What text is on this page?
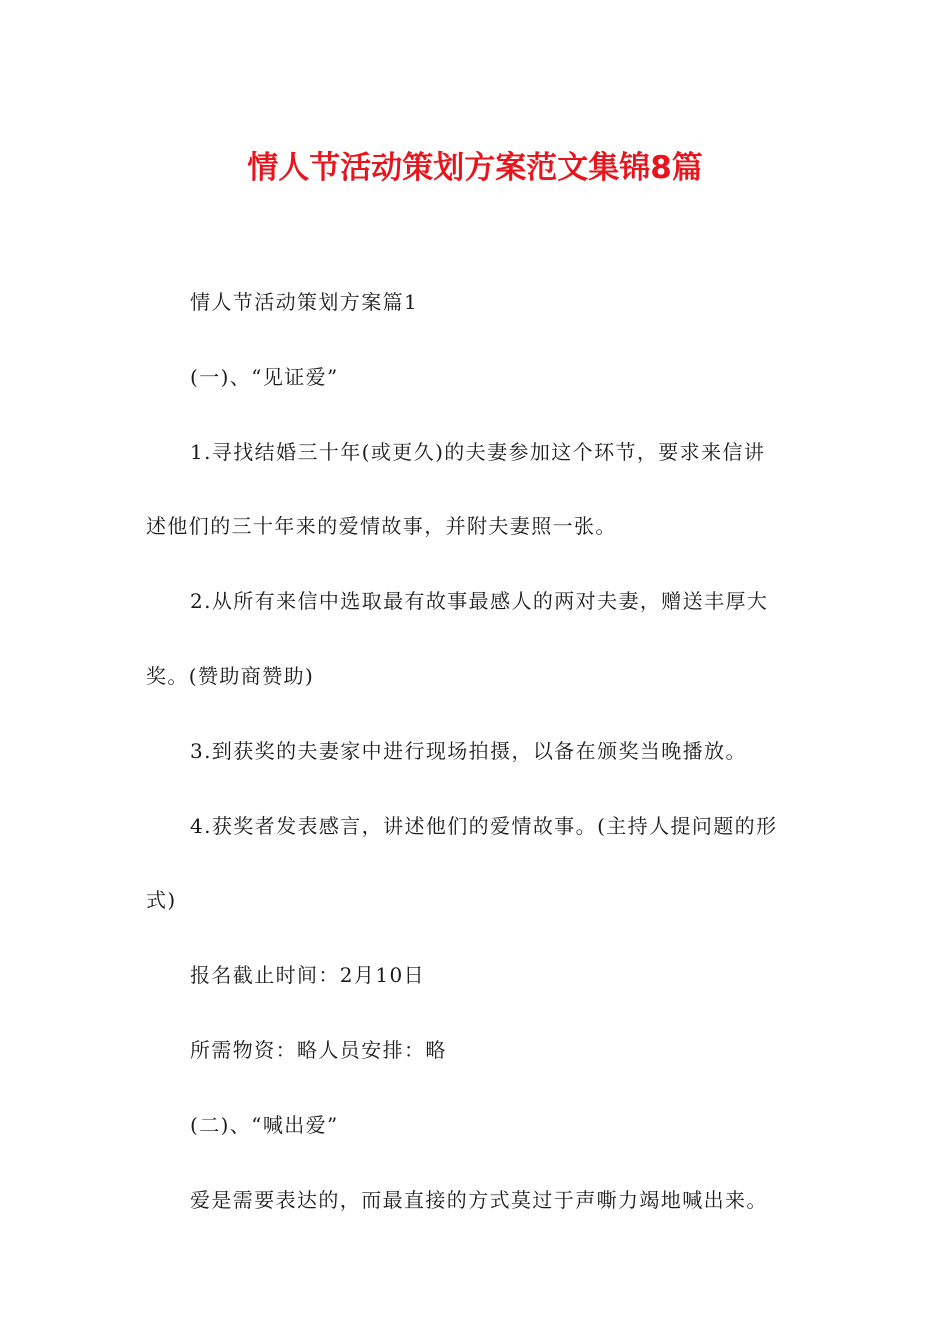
情人节活动策划方案范文集锦8篇
情人节活动策划方案篇1
(一)、“见证爱”
1.寻找结婚三十年(或更久)的夫妻参加这个环节，要求来信讲
述他们的三十年来的爱情故事，并附夫妻照一张。
2.从所有来信中选取最有故事最感人的两对夫妻，赠送丰厚大
奖。(赞助商赞助)
3.到获奖的夫妻家中进行现场拍摄，以备在颁奖当晚播放。
4.获奖者发表感言，讲述他们的爱情故事。(主持人提问题的形
式)
报名截止时间：2月10日
所需物资：略人员安排：略
(二)、“喊出爱”
爱是需要表达的，而最直接的方式莫过于声嘶力竭地喊出来。
